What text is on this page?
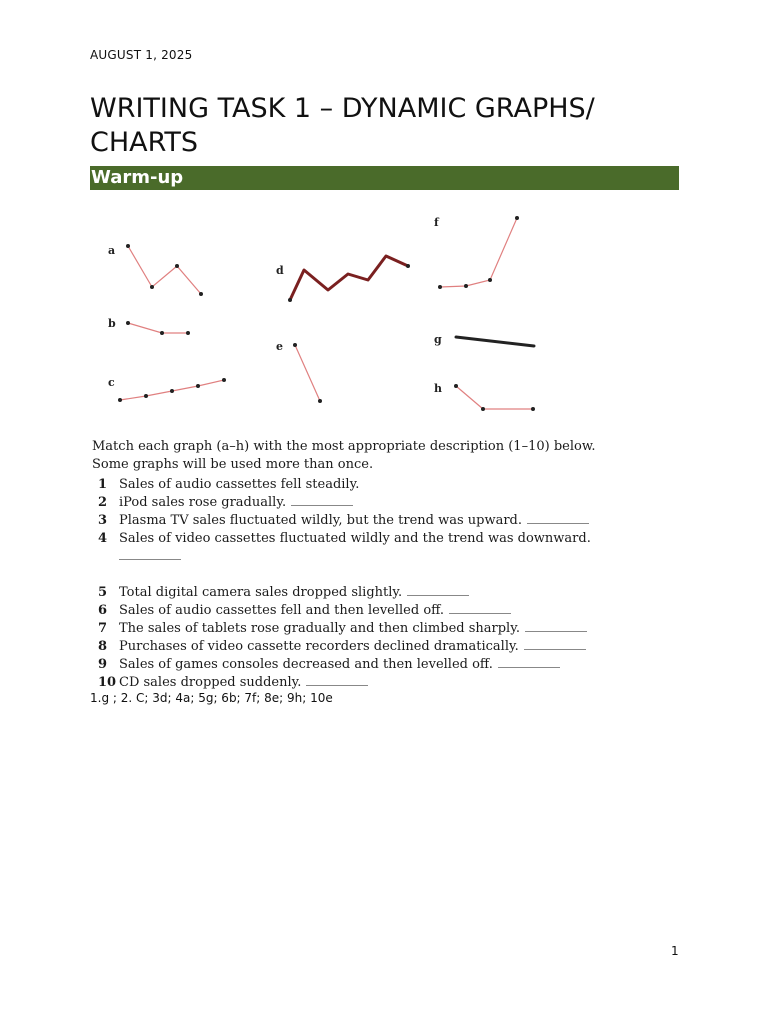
AUGUST 1, 2025
WRITING TASK 1 – DYNAMIC GRAPHS/ CHARTS
Warm-up
a
b
c
d
e
f
g
h

Match each graph (a–h) with the most appropriate description (1–10) below.
Some graphs will be used more than once.

1 Sales of audio cassettes fell steadily.
2 iPod sales rose gradually.
3 Plasma TV sales fluctuated wildly, but the trend was upward.
4 Sales of video cassettes fluctuated wildly and the trend was downward.

5 Total digital camera sales dropped slightly.
6 Sales of audio cassettes fell and then levelled off.
7 The sales of tablets rose gradually and then climbed sharply.
8 Purchases of video cassette recorders declined dramatically.
9 Sales of games consoles decreased and then levelled off.
10 CD sales dropped suddenly.
1.g ; 2. C; 3d; 4a; 5g; 6b; 7f; 8e; 9h; 10e
1
